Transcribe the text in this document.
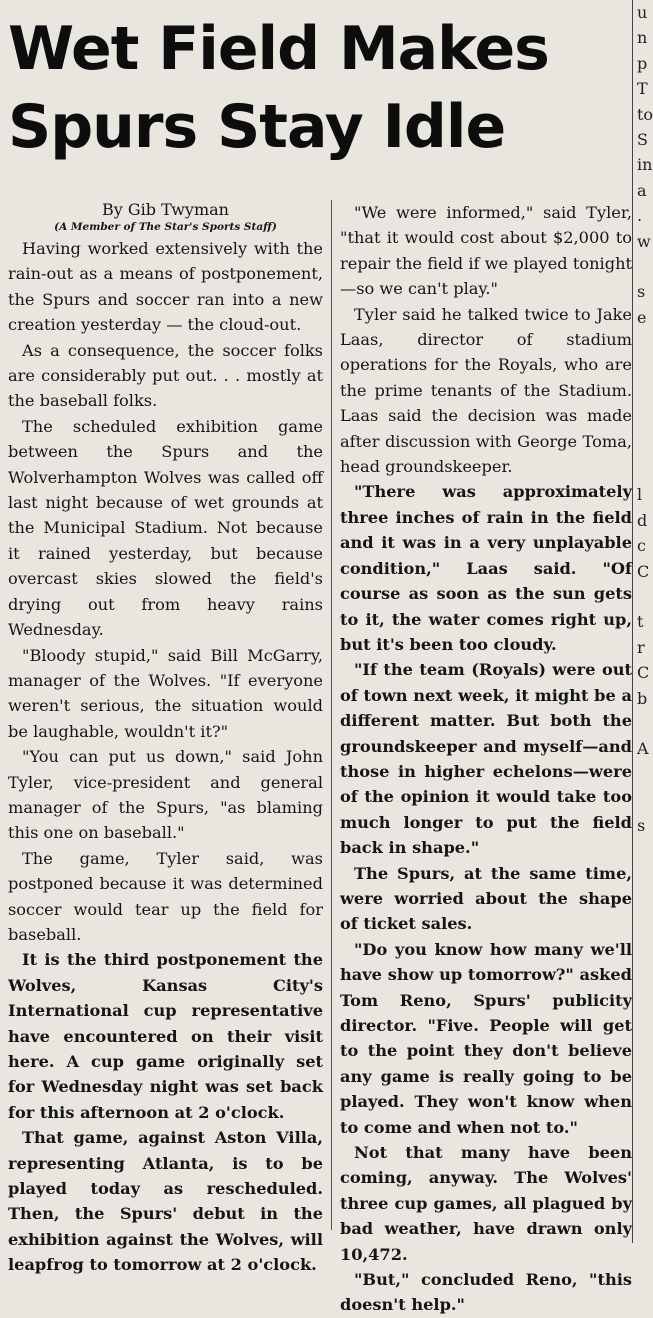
Wet Field Makes
Spurs Stay Idle
By Gib Twyman
(A Member of The Star's Sports Staff)

Having worked extensively with the rain-out as a means of postponement, the Spurs and soccer ran into a new creation yesterday — the cloud-out.

As a consequence, the soccer folks are considerably put out. . . mostly at the baseball folks.

The scheduled exhibition game between the Spurs and the Wolverhampton Wolves was called off last night because of wet grounds at the Municipal Stadium. Not because it rained yesterday, but because overcast skies slowed the field's drying out from heavy rains Wednesday.

"Bloody stupid," said Bill McGarry, manager of the Wolves. "If everyone weren't serious, the situation would be laughable, wouldn't it?"

"You can put us down," said John Tyler, vice-president and general manager of the Spurs, "as blaming this one on baseball."

The game, Tyler said, was postponed because it was determined soccer would tear up the field for baseball.

It is the third postponement the Wolves, Kansas City's International cup representative have encountered on their visit here. A cup game originally set for Wednesday night was set back for this afternoon at 2 o'clock.

That game, against Aston Villa, representing Atlanta, is to be played today as rescheduled. Then, the Spurs' debut in the exhibition against the Wolves, will leapfrog to tomorrow at 2 o'clock.

"We were informed," said Tyler, "that it would cost about $2,000 to repair the field if we played tonight—so we can't play."

Tyler said he talked twice to Jake Laas, director of stadium operations for the Royals, who are the prime tenants of the Stadium. Laas said the decision was made after discussion with George Toma, head groundskeeper.

"There was approximately three inches of rain in the field and it was in a very unplayable condition," Laas said. "Of course as soon as the sun gets to it, the water comes right up, but it's been too cloudy.

"If the team (Royals) were out of town next week, it might be a different matter. But both the groundskeeper and myself—and those in higher echelons—were of the opinion it would take too much longer to put the field back in shape."

The Spurs, at the same time, were worried about the shape of ticket sales.

"Do you know how many we'll have show up tomorrow?" asked Tom Reno, Spurs' publicity director. "Five. People will get to the point they don't believe any game is really going to be played. They won't know when to come and when not to."

Not that many have been coming, anyway. The Wolves' three cup games, all plagued by bad weather, have drawn only 10,472.

"But," concluded Reno, "this doesn't help."

u
n
p
T
to
S
in
a
.
w
s
e
l
d
c
C
t
r
C
b
A
s
